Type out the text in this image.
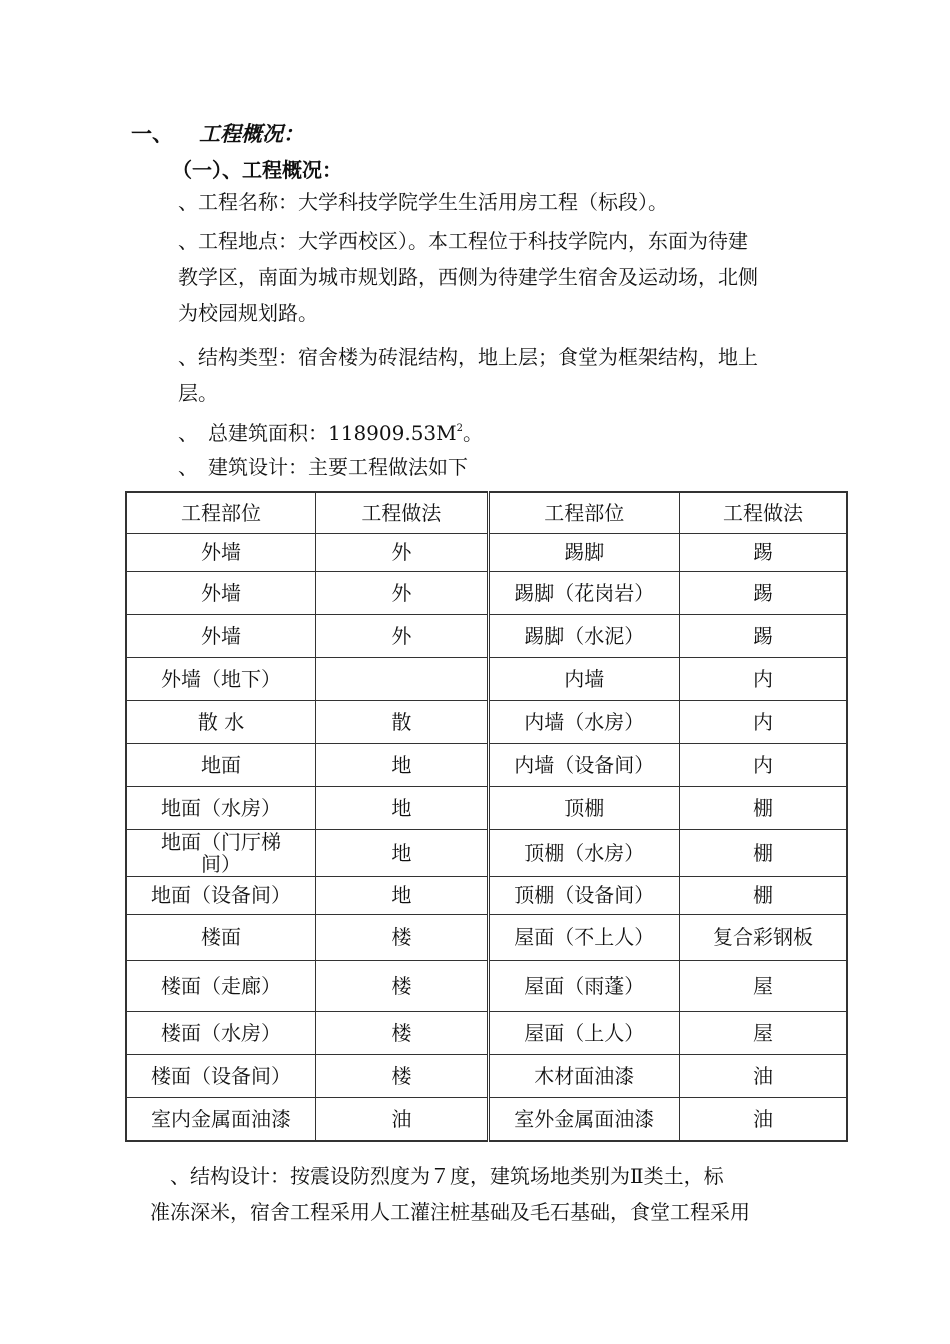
一、 工程概况：
（一）、工程概况：
、工程名称：大学科技学院学生生活用房工程（标段）。
、工程地点：大学西校区）。本工程位于科技学院内，东面为待建
教学区，南面为城市规划路，西侧为待建学生宿舍及运动场，北侧
为校园规划路。
、结构类型：宿舍楼为砖混结构，地上层；食堂为框架结构，地上
层。
、　总建筑面积：$118909.53M^2$。
、　建筑设计：主要工程做法如下
工程部位	工程做法	工程部位	工程做法
外墙	外	踢脚	踢
外墙	外	踢脚（花岗岩）	踢
外墙	外	踢脚（水泥）	踢
外墙（地下）		内墙	内
散 水	散	内墙（水房）	内
地面	地	内墙（设备间）	内
地面（水房）	地	顶棚	棚
地面（门厅梯间）	地	顶棚（水房）	棚
地面（设备间）	地	顶棚（设备间）	棚
楼面	楼	屋面（不上人）	复合彩钢板
楼面（走廊）	楼	屋面（雨蓬）	屋
楼面（水房）	楼	屋面（上人）	屋
楼面（设备间）	楼	木材面油漆	油
室内金属面油漆	油	室外金属面油漆	油
　、结构设计：按震设防烈度为７度，建筑场地类别为Ⅱ类土，标
准冻深米，宿舍工程采用人工灌注桩基础及毛石基础，食堂工程采用
